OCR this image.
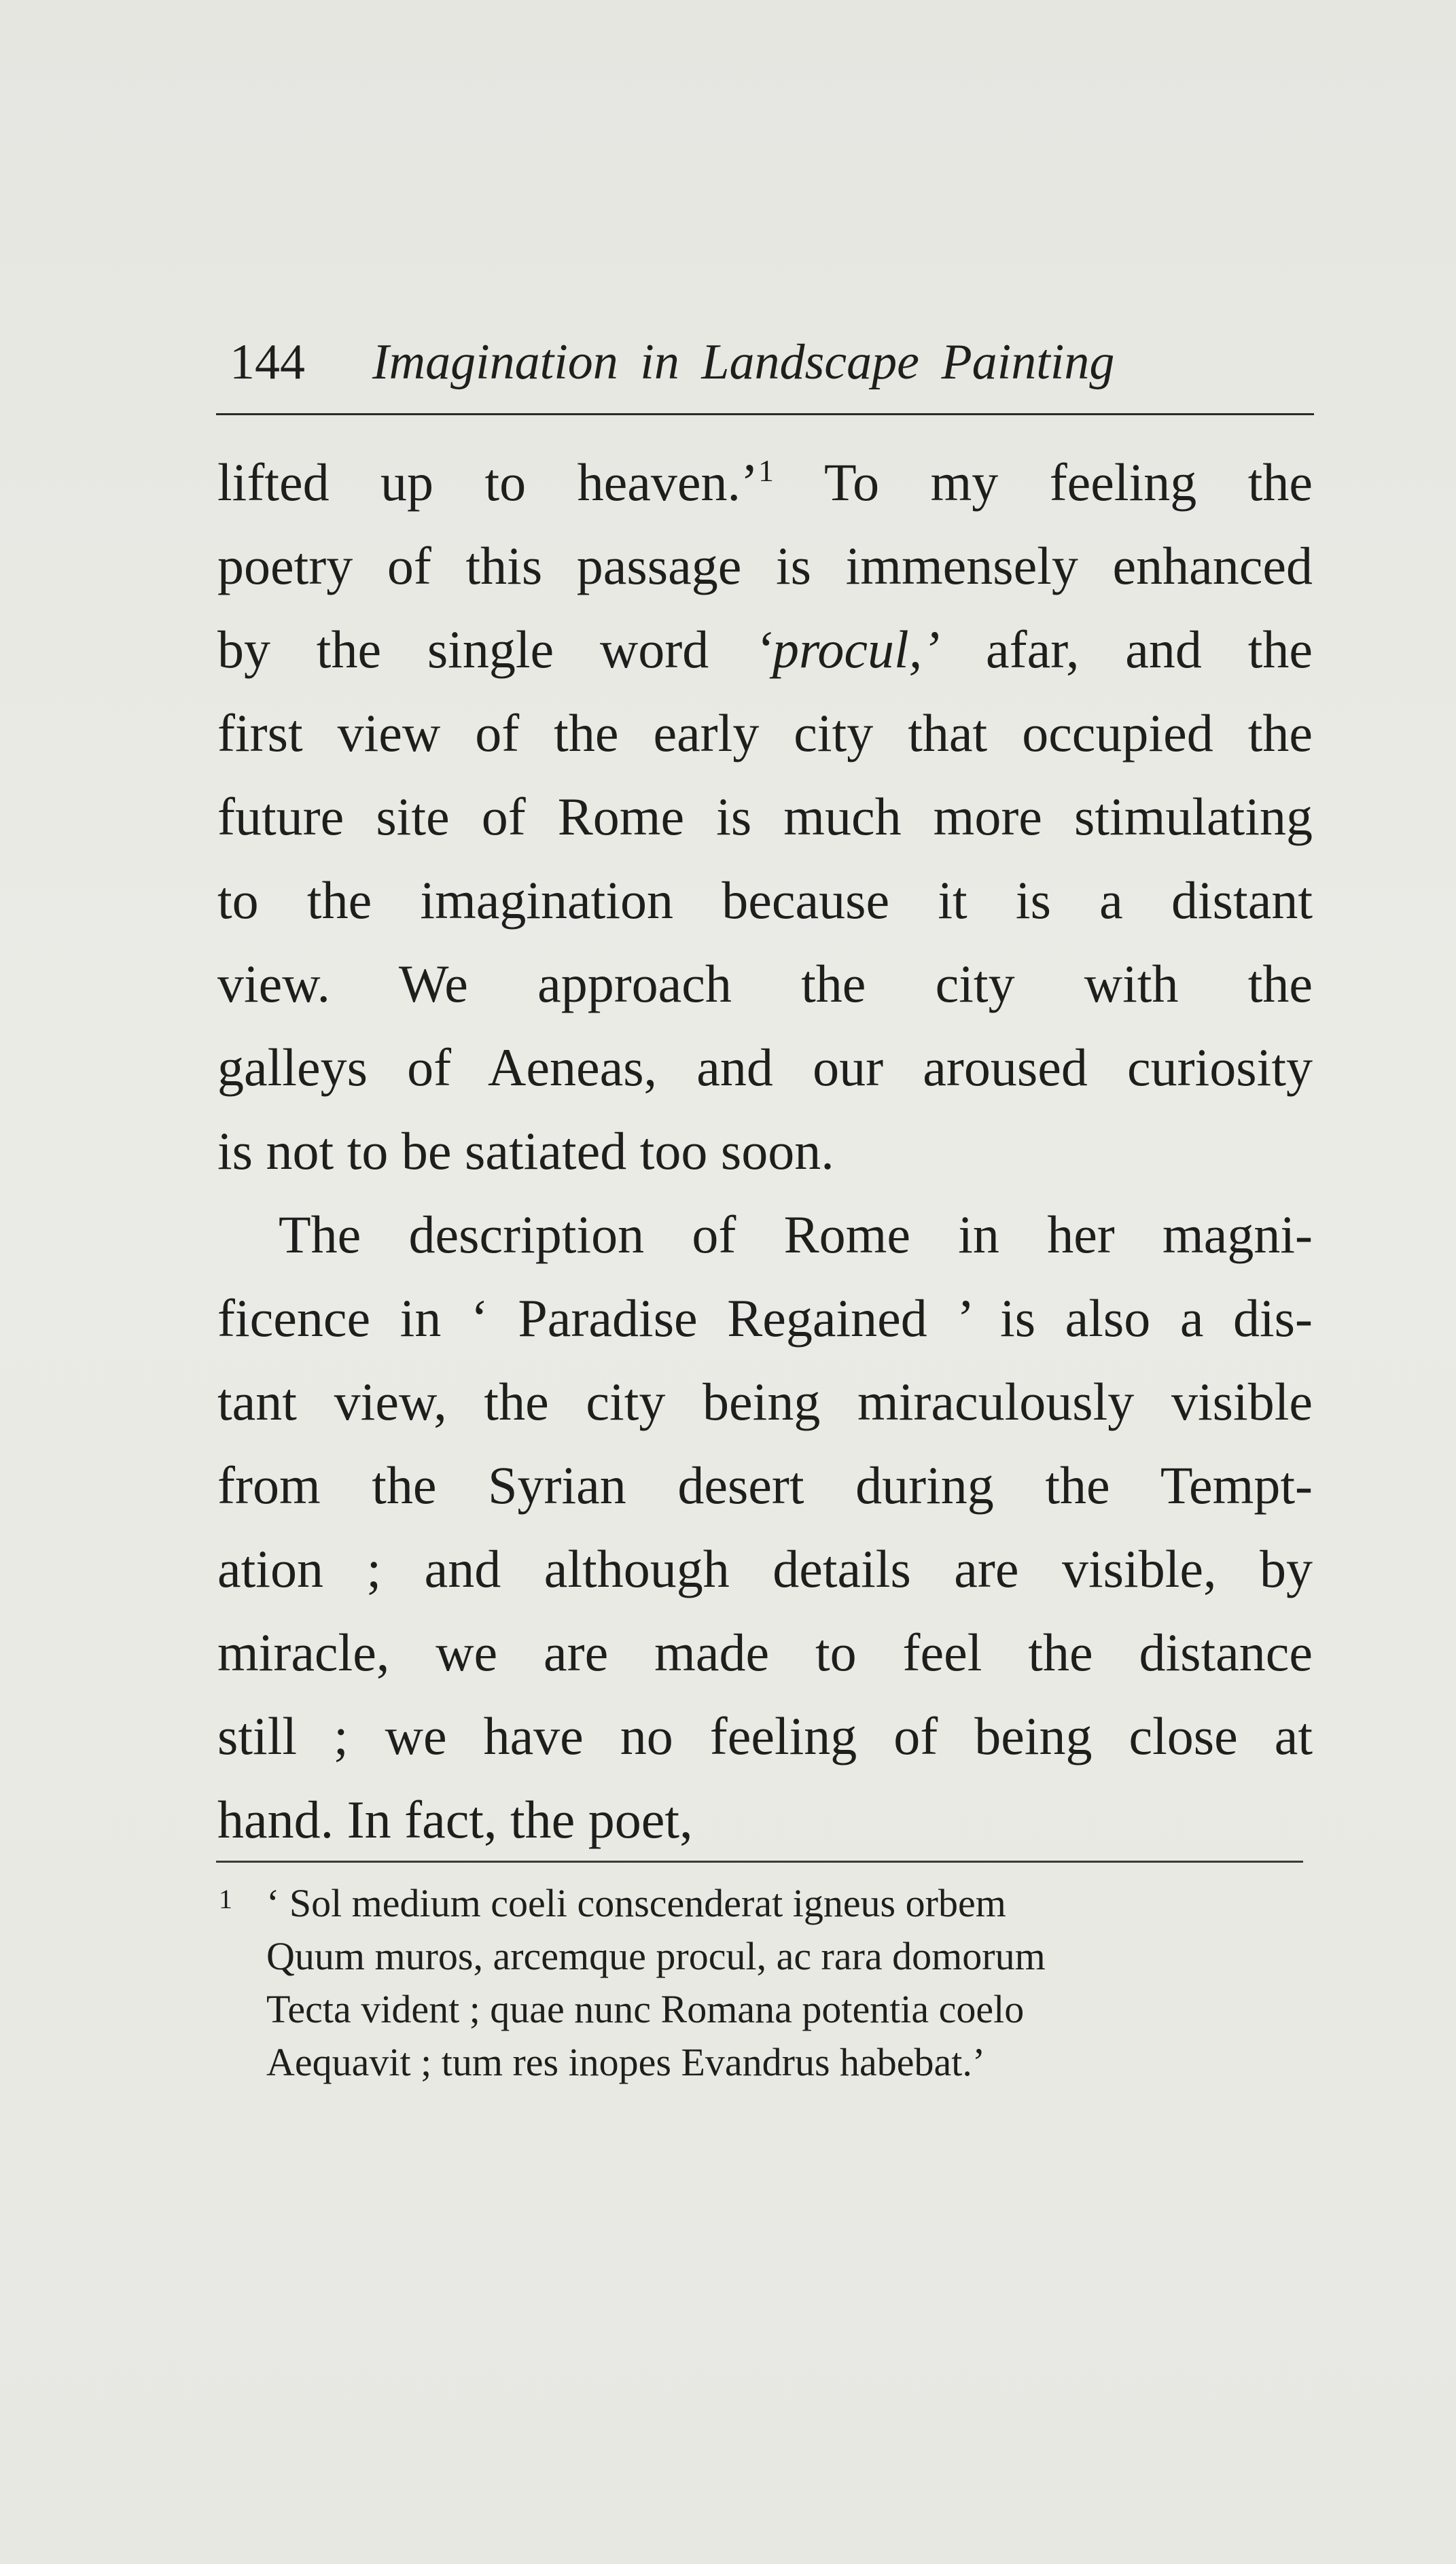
144 Imagination in Landscape Painting
lifted up to heaven.’$^1$ To my feeling the
poetry of this passage is immensely enhanced
by the single word ‘procul,’ afar, and the
first view of the early city that occupied the
future site of Rome is much more stimulating
to the imagination because it is a distant
view. We approach the city with the
galleys of Aeneas, and our aroused curiosity
is not to be satiated too soon.
The description of Rome in her magni-
ficence in ‘ Paradise Regained ’ is also a dis-
tant view, the city being miraculously visible
from the Syrian desert during the Tempt-
ation ; and although details are visible, by
miracle, we are made to feel the distance
still ; we have no feeling of being close at
hand. In fact, the poet,
1 ‘ Sol medium coeli conscenderat igneus orbem
Quum muros, arcemque procul, ac rara domorum
Tecta vident ; quae nunc Romana potentia coelo
Aequavit ; tum res inopes Evandrus habebat.’
